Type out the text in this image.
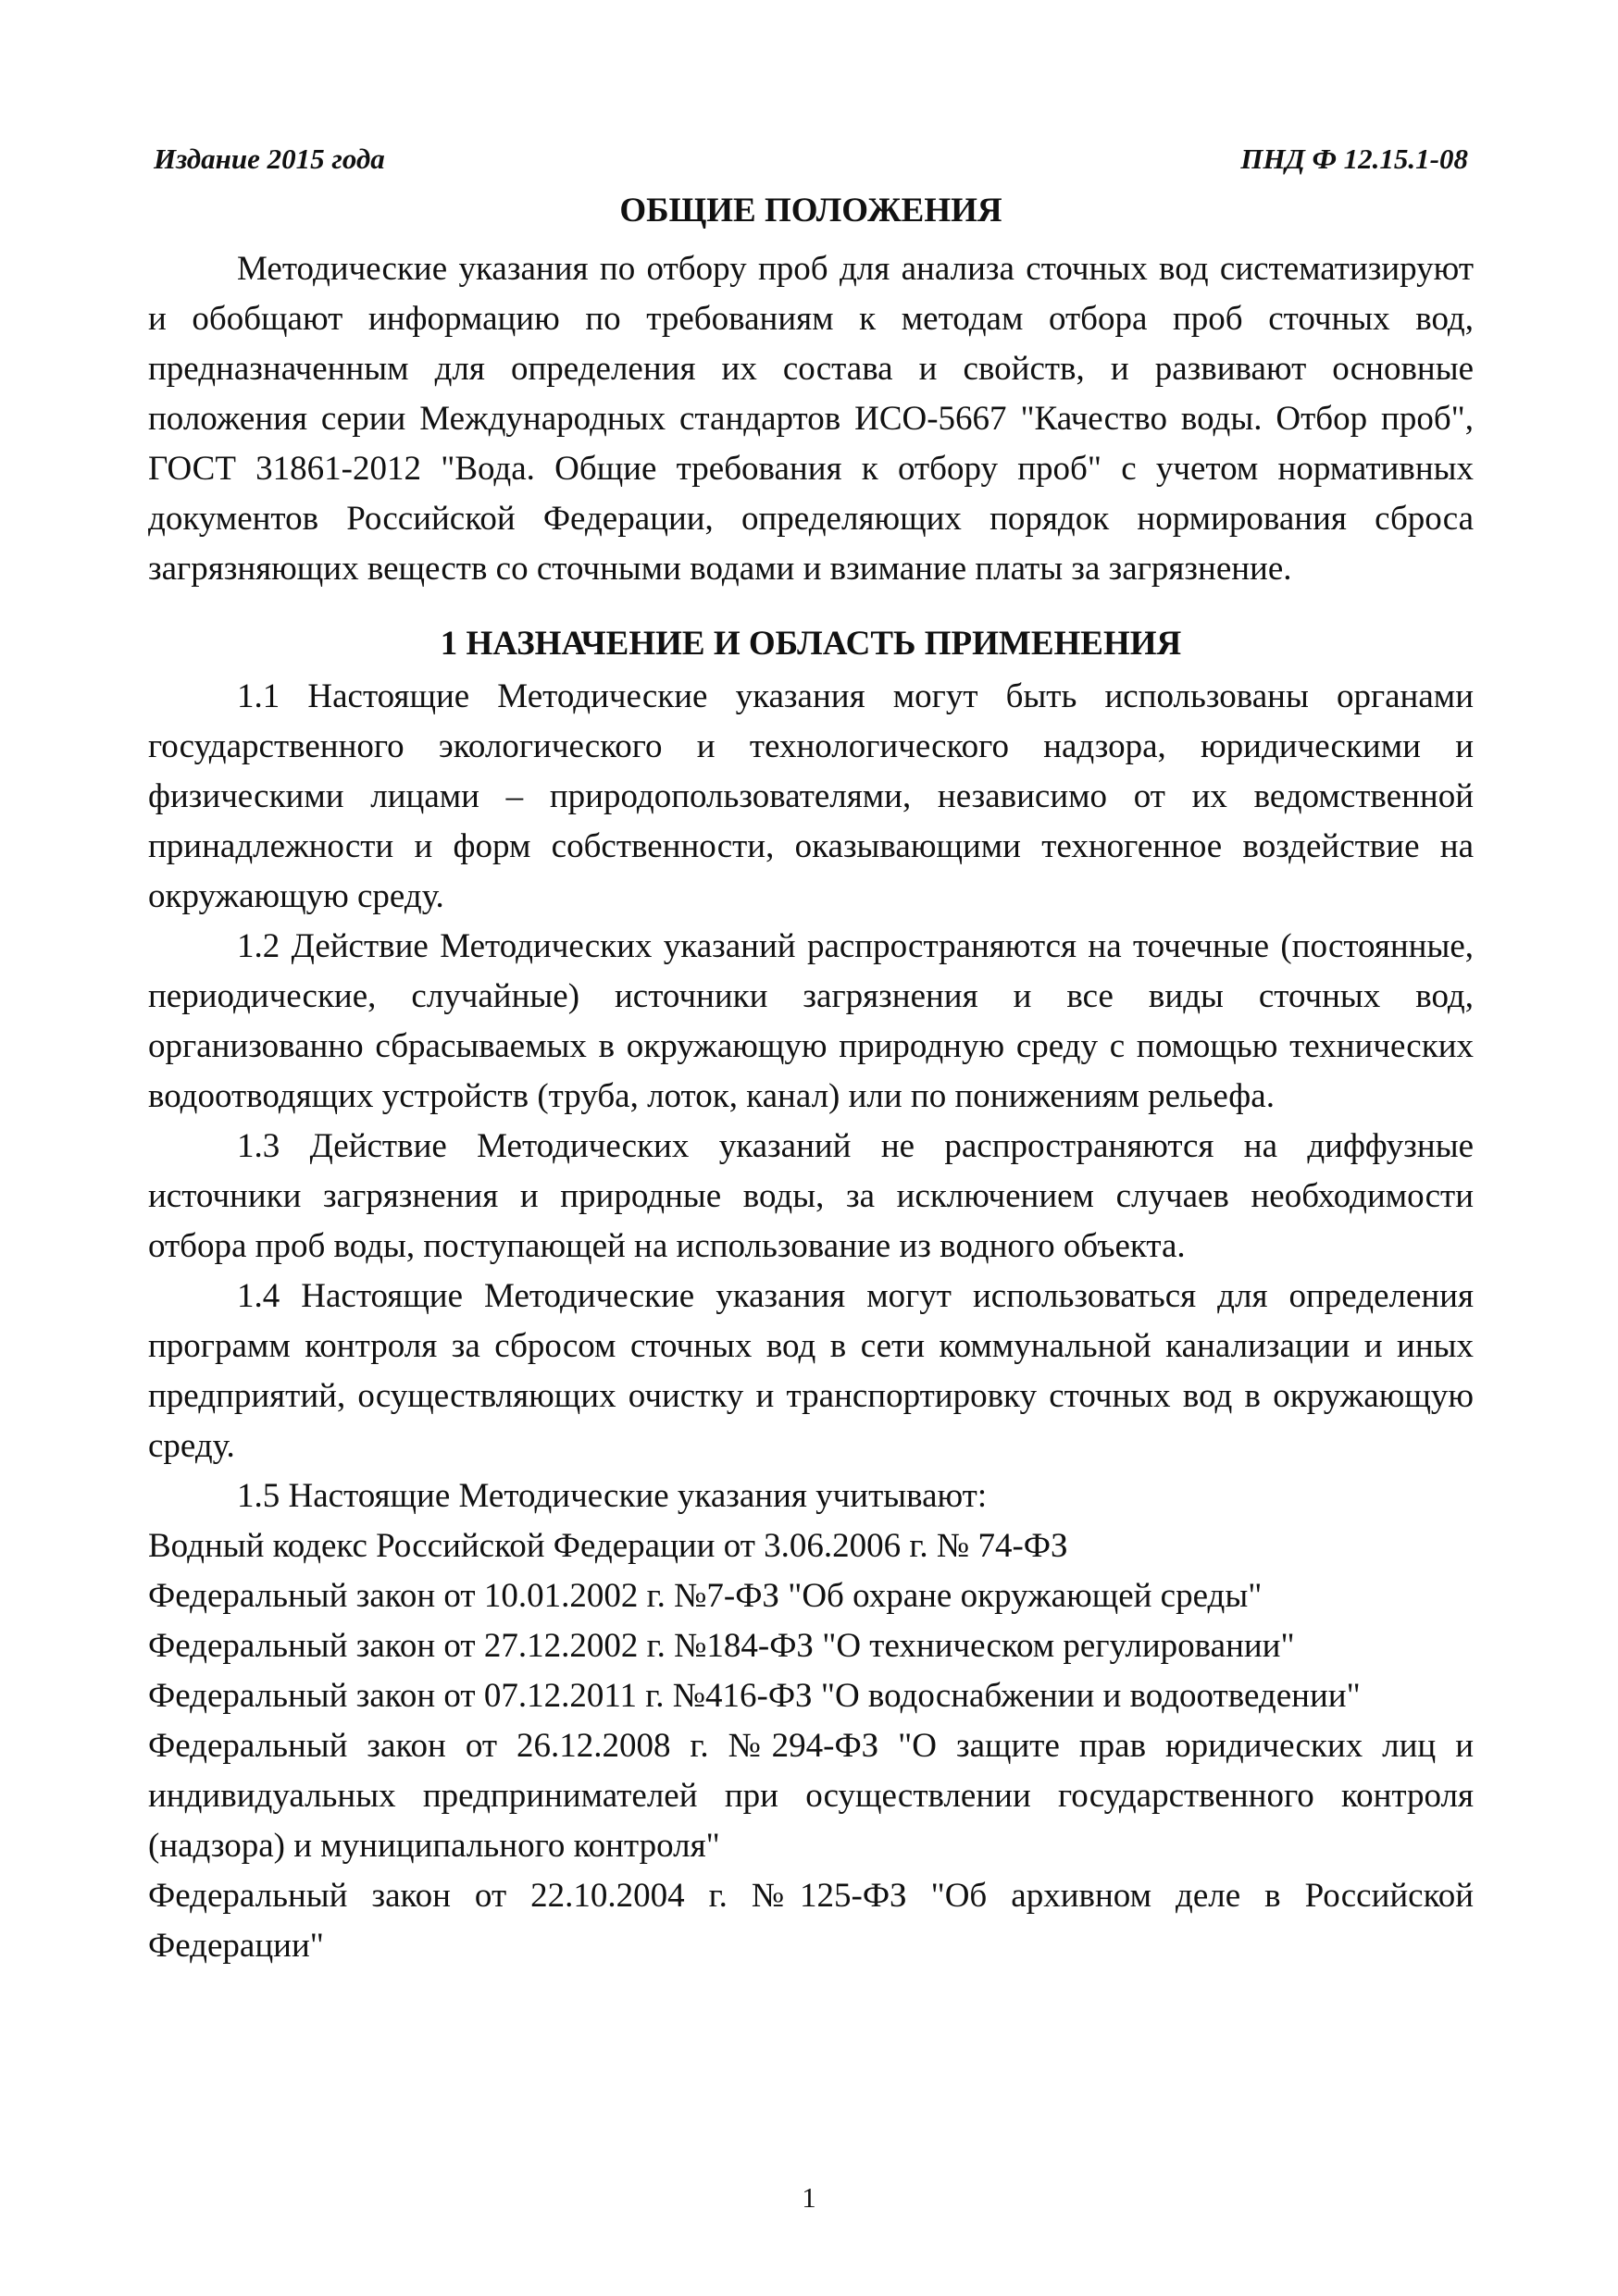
Издание 2015 года	ПНД Ф 12.15.1-08
ОБЩИЕ ПОЛОЖЕНИЯ

Методические указания по отбору проб для анализа сточных вод систематизируют и обобщают информацию по требованиям к методам отбора проб сточных вод, предназначенным для определения их состава и свойств, и развивают основные положения серии Международных стандартов ИСО-5667 "Качество воды. Отбор проб", ГОСТ 31861-2012 "Вода. Общие требования к отбору проб" с учетом нормативных документов Российской Федерации, определяющих порядок нормирования сброса загрязняющих веществ со сточными водами и взимание платы за загрязнение.

1 НАЗНАЧЕНИЕ И ОБЛАСТЬ ПРИМЕНЕНИЯ

1.1 Настоящие Методические указания могут быть использованы органами государственного экологического и технологического надзора, юридическими и физическими лицами – природопользователями, независимо от их ведомственной принадлежности и форм собственности, оказывающими техногенное воздействие на окружающую среду.

1.2 Действие Методических указаний распространяются на точечные (постоянные, периодические, случайные) источники загрязнения и все виды сточных вод, организованно сбрасываемых в окружающую природную среду с помощью технических водоотводящих устройств (труба, лоток, канал) или по понижениям рельефа.

1.3 Действие Методических указаний не распространяются на диффузные источники загрязнения и природные воды, за исключением случаев необходимости отбора проб воды, поступающей на использование из водного объекта.

1.4 Настоящие Методические указания могут использоваться для определения программ контроля за сбросом сточных вод в сети коммунальной канализации и иных предприятий, осуществляющих очистку и транспортировку сточных вод в окружающую среду.

1.5 Настоящие Методические указания учитывают:

Водный кодекс Российской Федерации от 3.06.2006 г. № 74-ФЗ

Федеральный закон от 10.01.2002 г. №7-ФЗ "Об охране окружающей среды"

Федеральный закон от 27.12.2002 г. №184-ФЗ "О техническом регулировании"

Федеральный закон от 07.12.2011 г. №416-ФЗ "О водоснабжении и водоотведении"

Федеральный закон от 26.12.2008 г. №294-ФЗ "О защите прав юридических лиц и индивидуальных предпринимателей при осуществлении государственного контроля (надзора) и муниципального контроля"

Федеральный закон от 22.10.2004 г. №125-ФЗ "Об архивном деле в Российской Федерации"

1
